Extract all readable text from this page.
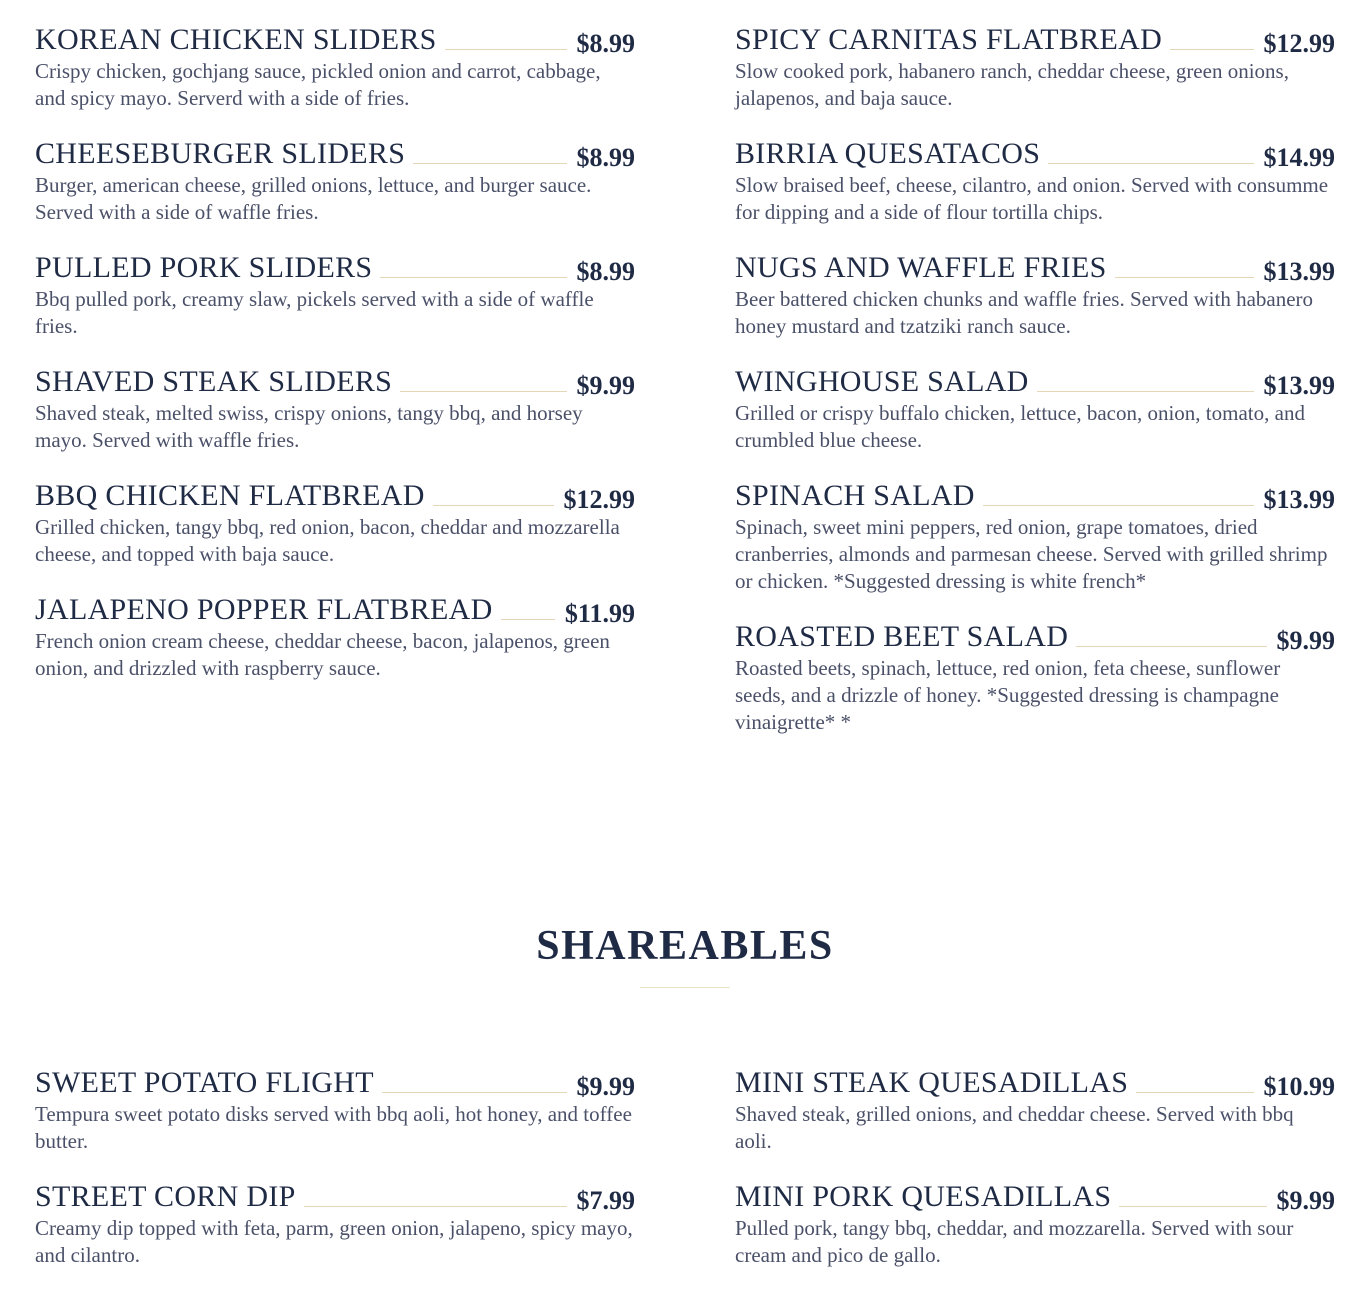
KOREAN CHICKEN SLIDERS	$8.99
Crispy chicken, gochjang sauce, pickled onion and carrot, cabbage, and spicy mayo. Serverd with a side of fries.
CHEESEBURGER SLIDERS	$8.99
Burger, american cheese, grilled onions, lettuce, and burger sauce. Served with a side of waffle fries.
PULLED PORK SLIDERS	$8.99
Bbq pulled pork, creamy slaw, pickels served with a side of waffle fries.
SHAVED STEAK SLIDERS	$9.99
Shaved steak, melted swiss, crispy onions, tangy bbq, and horsey mayo. Served with waffle fries.
BBQ CHICKEN FLATBREAD	$12.99
Grilled chicken, tangy bbq, red onion, bacon, cheddar and mozzarella cheese, and topped with baja sauce.
JALAPENO POPPER FLATBREAD	$11.99
French onion cream cheese, cheddar cheese, bacon, jalapenos, green onion, and drizzled with raspberry sauce.
SPICY CARNITAS FLATBREAD	$12.99
Slow cooked pork, habanero ranch, cheddar cheese, green onions, jalapenos, and baja sauce.
BIRRIA QUESATACOS	$14.99
Slow braised beef, cheese, cilantro, and onion. Served with consumme for dipping and a side of flour tortilla chips.
NUGS AND WAFFLE FRIES	$13.99
Beer battered chicken chunks and waffle fries. Served with habanero honey mustard and tzatziki ranch sauce.
WINGHOUSE SALAD	$13.99
Grilled or crispy buffalo chicken, lettuce, bacon, onion, tomato, and crumbled blue cheese.
SPINACH SALAD	$13.99
Spinach, sweet mini peppers, red onion, grape tomatoes, dried cranberries, almonds and parmesan cheese. Served with grilled shrimp or chicken. *Suggested dressing is white french*
ROASTED BEET SALAD	$9.99
Roasted beets, spinach, lettuce, red onion, feta cheese, sunflower seeds, and a drizzle of honey. *Suggested dressing is champagne vinaigrette* *
SHAREABLES
SWEET POTATO FLIGHT	$9.99
Tempura sweet potato disks served with bbq aoli, hot honey, and toffee butter.
STREET CORN DIP	$7.99
Creamy dip topped with feta, parm, green onion, jalapeno, spicy mayo, and cilantro.
MINI STEAK QUESADILLAS	$10.99
Shaved steak, grilled onions, and cheddar cheese. Served with bbq aoli.
MINI PORK QUESADILLAS	$9.99
Pulled pork, tangy bbq, cheddar, and mozzarella. Served with sour cream and pico de gallo.
